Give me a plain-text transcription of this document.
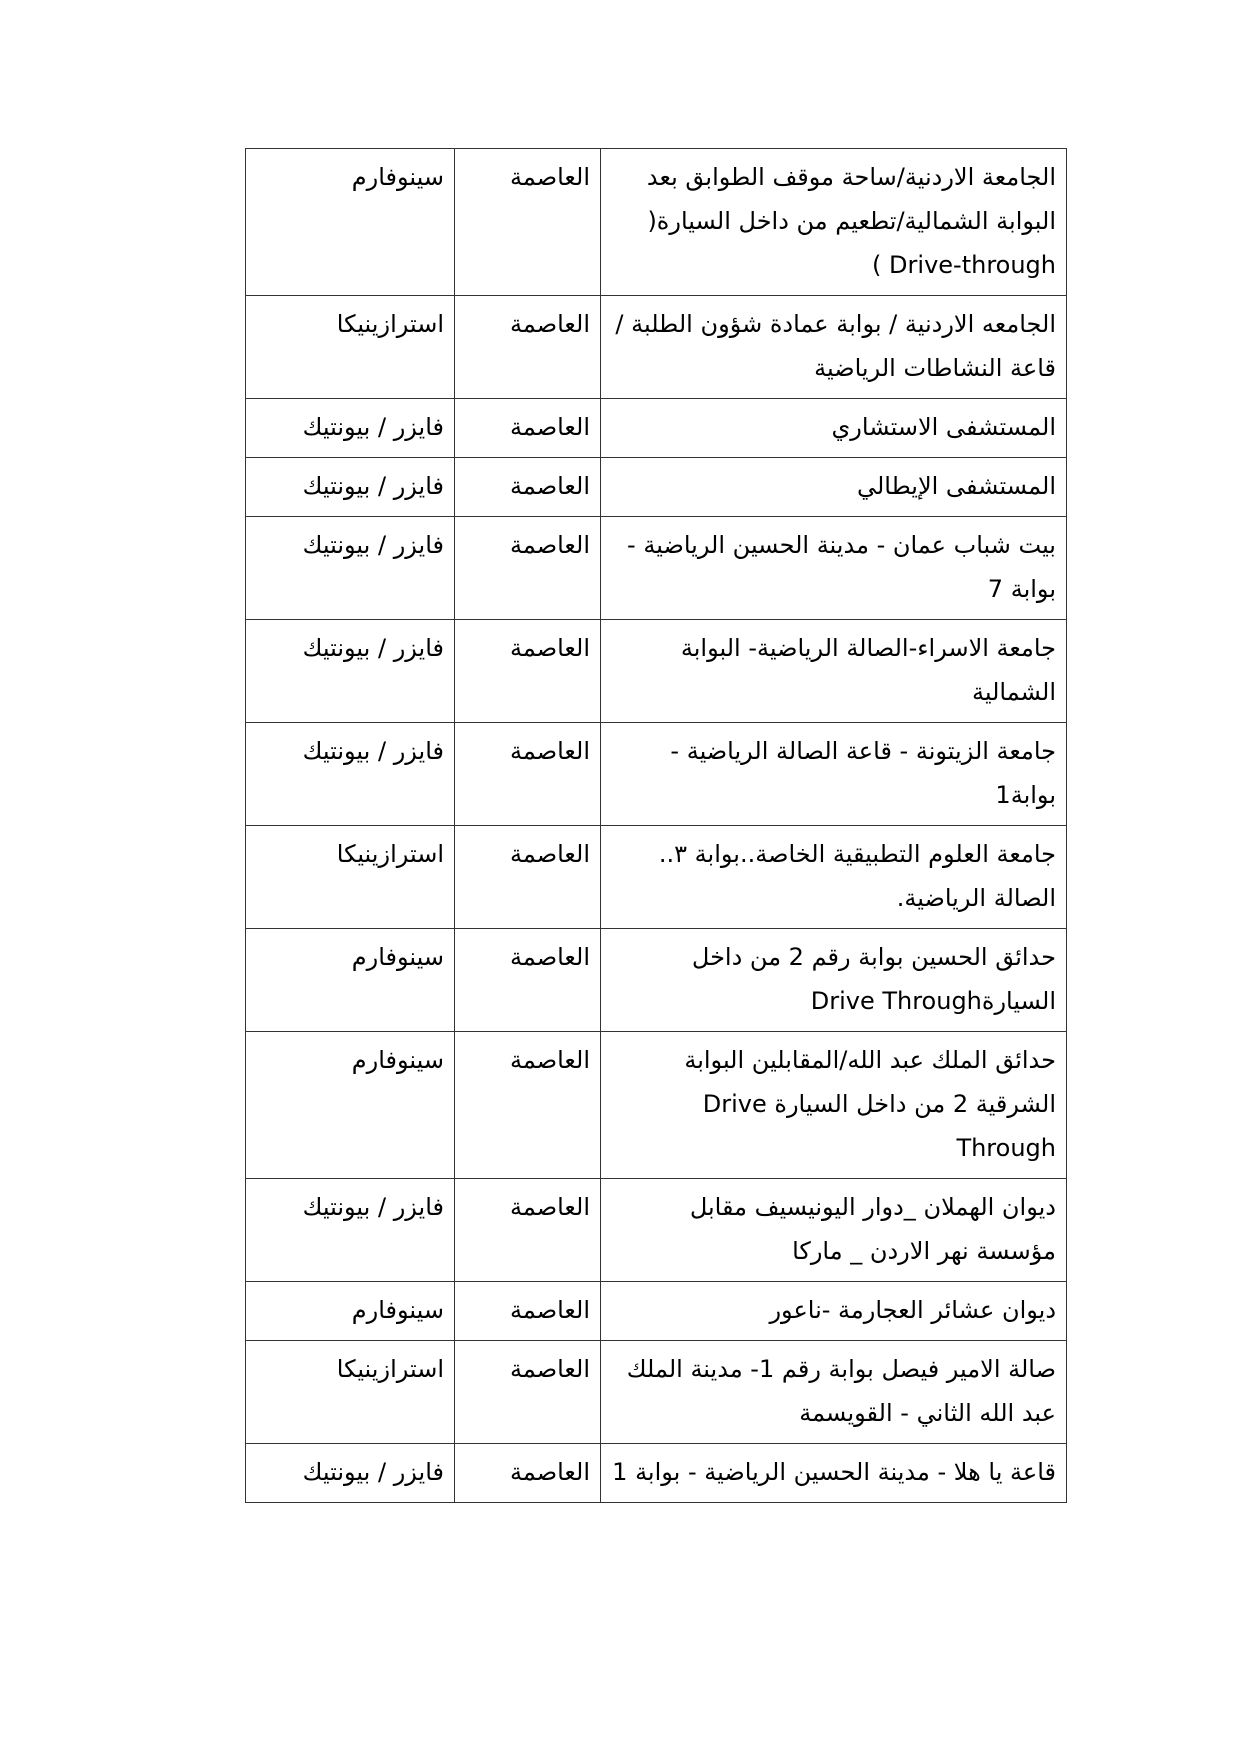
الجامعة الاردنية/ساحة موقف الطوابق بعد البوابة الشمالية/تطعيم من داخل السيارة( Drive-through )	العاصمة	سينوفارم
الجامعه الاردنية / بوابة عمادة شؤون الطلبة / قاعة النشاطات الرياضية	العاصمة	استرازينيكا
المستشفى الاستشاري	العاصمة	فايزر / بيونتيك
المستشفى الإيطالي	العاصمة	فايزر / بيونتيك
بيت شباب عمان - مدينة الحسين الرياضية - بوابة 7	العاصمة	فايزر / بيونتيك
جامعة الاسراء-الصالة الرياضية- البوابة الشمالية	العاصمة	فايزر / بيونتيك
جامعة الزيتونة - قاعة الصالة الرياضية - بوابة1	العاصمة	فايزر / بيونتيك
جامعة العلوم التطبيقية الخاصة..بوابة ٣.. الصالة الرياضية.	العاصمة	استرازينيكا
حدائق الحسين بوابة رقم 2 من داخل السيارةDrive Through	العاصمة	سينوفارم
حدائق الملك عبد الله/المقابلين البوابة الشرقية 2 من داخل السيارة Drive Through	العاصمة	سينوفارم
ديوان الهملان _دوار اليونيسيف مقابل مؤسسة نهر الاردن _ ماركا	العاصمة	فايزر / بيونتيك
ديوان عشائر العجارمة -ناعور	العاصمة	سينوفارم
صالة الامير فيصل بوابة رقم 1- مدينة الملك عبد الله الثاني - القويسمة	العاصمة	استرازينيكا
قاعة يا هلا - مدينة الحسين الرياضية - بوابة 1	العاصمة	فايزر / بيونتيك
